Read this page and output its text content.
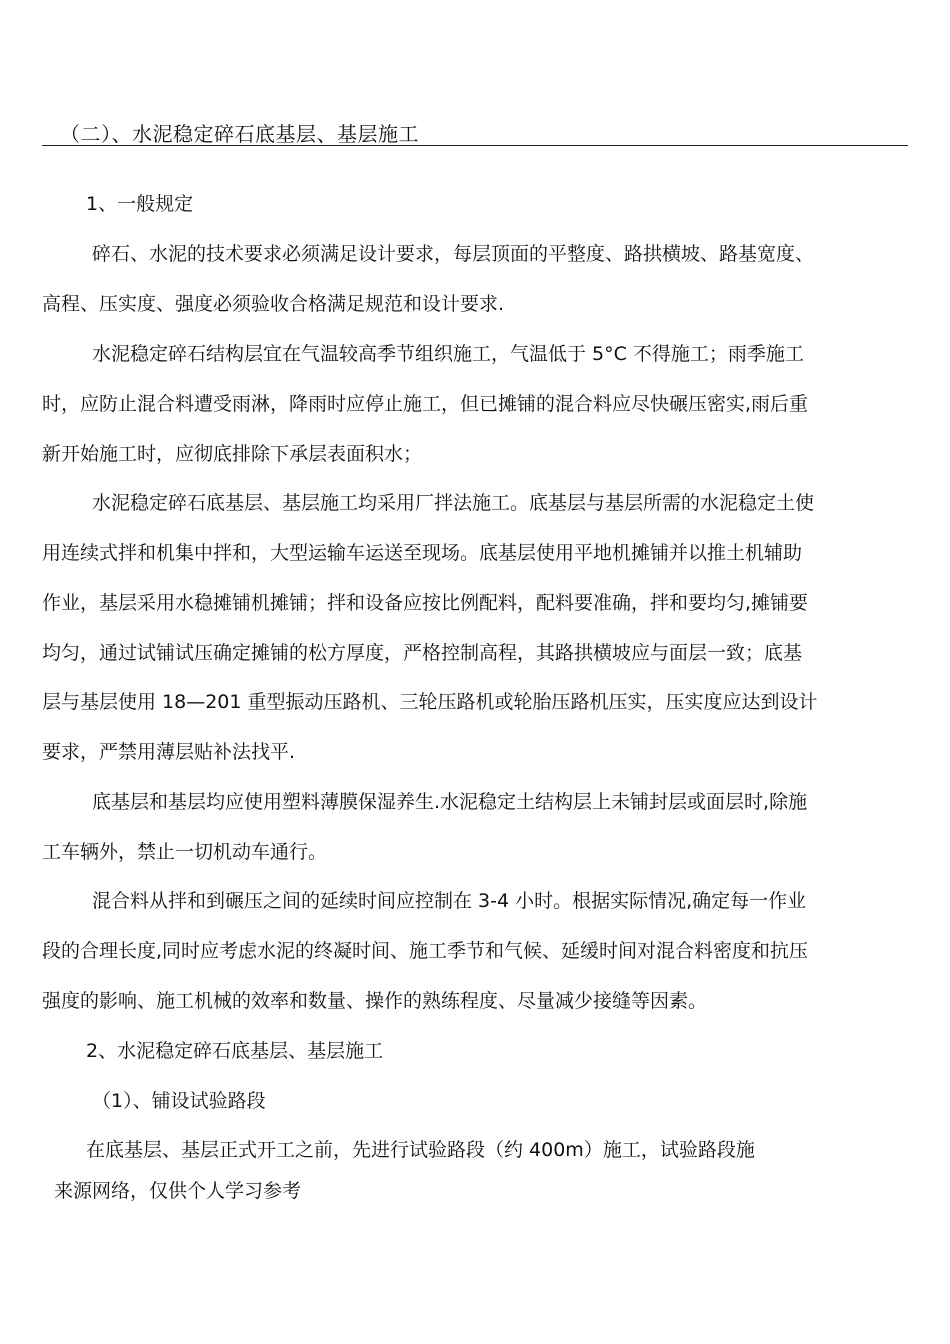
（二）、水泥稳定碎石底基层、基层施工
1、一般规定
碎石、水泥的技术要求必须满足设计要求，每层顶面的平整度、路拱横坡、路基宽度、
高程、压实度、强度必须验收合格满足规范和设计要求.
水泥稳定碎石结构层宜在气温较高季节组织施工，气温低于 5°C 不得施工；雨季施工
时，应防止混合料遭受雨淋，降雨时应停止施工，但已摊铺的混合料应尽快碾压密实,雨后重
新开始施工时，应彻底排除下承层表面积水；
水泥稳定碎石底基层、基层施工均采用厂拌法施工。底基层与基层所需的水泥稳定土使
用连续式拌和机集中拌和，大型运输车运送至现场。底基层使用平地机摊铺并以推土机辅助
作业，基层采用水稳摊铺机摊铺；拌和设备应按比例配料，配料要准确，拌和要均匀,摊铺要
均匀，通过试铺试压确定摊铺的松方厚度，严格控制高程，其路拱横坡应与面层一致；底基
层与基层使用 18—201 重型振动压路机、三轮压路机或轮胎压路机压实，压实度应达到设计
要求，严禁用薄层贴补法找平.
底基层和基层均应使用塑料薄膜保湿养生.水泥稳定土结构层上未铺封层或面层时,除施
工车辆外，禁止一切机动车通行。
混合料从拌和到碾压之间的延续时间应控制在 3-4 小时。根据实际情况,确定每一作业
段的合理长度,同时应考虑水泥的终凝时间、施工季节和气候、延缓时间对混合料密度和抗压
强度的影响、施工机械的效率和数量、操作的熟练程度、尽量减少接缝等因素。
2、水泥稳定碎石底基层、基层施工
（1）、铺设试验路段
在底基层、基层正式开工之前，先进行试验路段（约 400m）施工，试验路段施
来源网络，仅供个人学习参考
